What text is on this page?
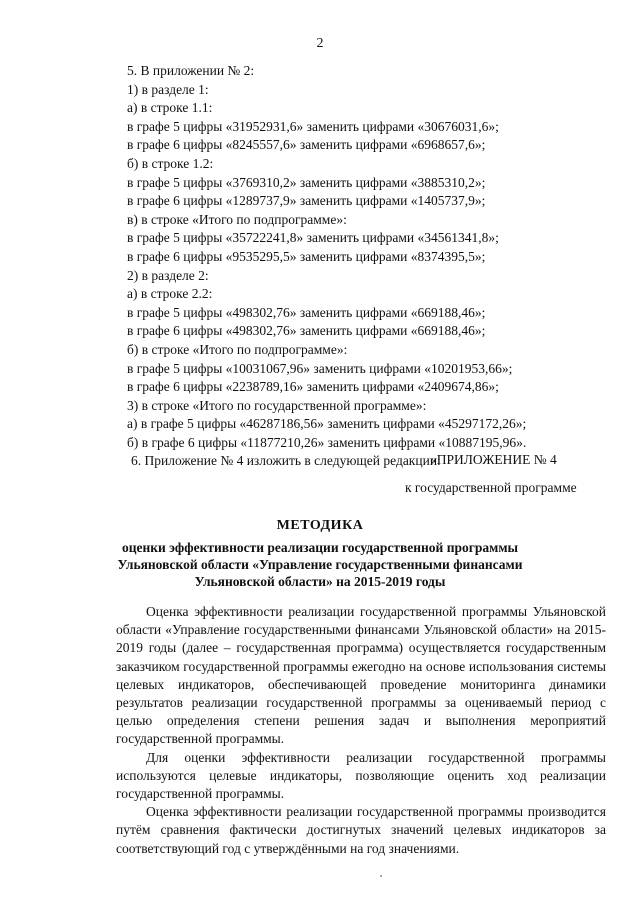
2
5. В приложении № 2:
1) в разделе 1:
а) в строке 1.1:
в графе 5 цифры «31952931,6» заменить цифрами «30676031,6»;
в графе 6 цифры «8245557,6» заменить цифрами «6968657,6»;
б) в строке 1.2:
в графе 5 цифры «3769310,2» заменить цифрами «3885310,2»;
в графе 6 цифры «1289737,9» заменить цифрами «1405737,9»;
в) в строке «Итого по подпрограмме»:
в графе 5 цифры «35722241,8» заменить цифрами «34561341,8»;
в графе 6 цифры «9535295,5» заменить цифрами «8374395,5»;
2) в разделе 2:
а) в строке 2.2:
в графе 5 цифры «498302,76» заменить цифрами «669188,46»;
в графе 6 цифры «498302,76» заменить цифрами «669188,46»;
б) в строке «Итого по подпрограмме»:
в графе 5 цифры «10031067,96» заменить цифрами «10201953,66»;
в графе 6 цифры «2238789,16» заменить цифрами «2409674,86»;
3) в строке «Итого по государственной программе»:
а) в графе 5 цифры «46287186,56» заменить цифрами «45297172,26»;
б) в графе 6 цифры «11877210,26» заменить цифрами «10887195,96».
6. Приложение № 4 изложить в следующей редакции:
«ПРИЛОЖЕНИЕ № 4
к государственной программе
МЕТОДИКА
оценки эффективности реализации государственной программы Ульяновской области «Управление государственными финансами Ульяновской области» на 2015-2019 годы

Оценка эффективности реализации государственной программы Ульяновской области «Управление государственными финансами Ульяновской области» на 2015-2019 годы (далее – государственная программа) осуществляется государственным заказчиком государственной программы ежегодно на основе использования системы целевых индикаторов, обеспечивающей проведение мониторинга динамики результатов реализации государственной программы за оцениваемый период с целью определения степени решения задач и выполнения мероприятий государственной программы.

Для оценки эффективности реализации государственной программы используются целевые индикаторы, позволяющие оценить ход реализации государственной программы.

Оценка эффективности реализации государственной программы производится путём сравнения фактически достигнутых значений целевых индикаторов за соответствующий год с утверждёнными на год значениями.
